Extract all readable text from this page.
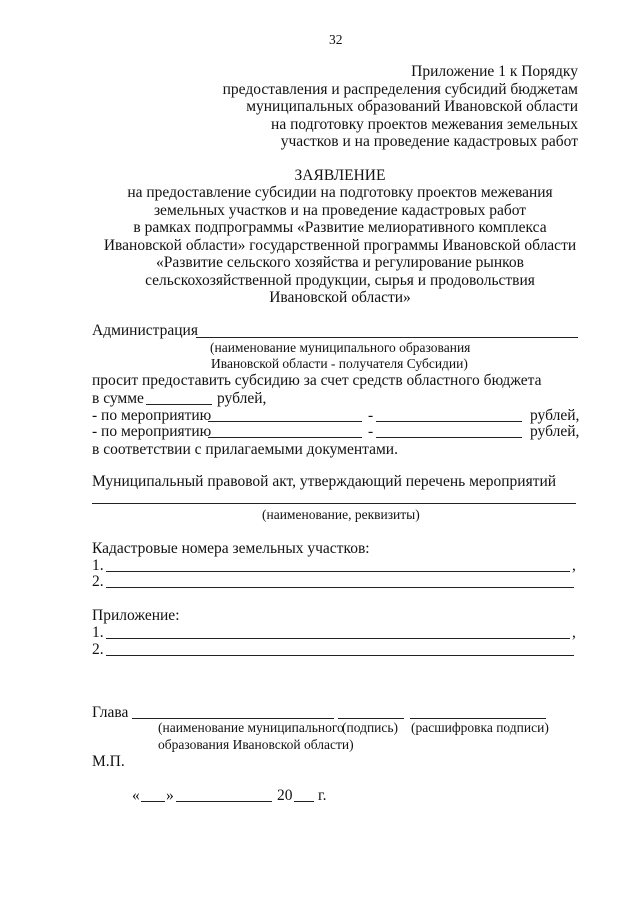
32
Приложение 1 к Порядку
предоставления и распределения субсидий бюджетам
муниципальных образований Ивановской области
на подготовку проектов межевания земельных
участков и на проведение кадастровых работ
ЗАЯВЛЕНИЕ
на предоставление субсидии на подготовку проектов межевания
земельных участков и на проведение кадастровых работ
в рамках подпрограммы «Развитие мелиоративного комплекса
Ивановской области» государственной программы Ивановской области
«Развитие сельского хозяйства и регулирование рынков
сельскохозяйственной продукции, сырья и продовольствия
Ивановской области»
Администрация
(наименование муниципального образования
Ивановской области - получателя Субсидии)
просит предоставить субсидию за счет средств областного бюджета
в сумме	рублей,
- по мероприятию	-	рублей,
- по мероприятию	-	рублей,
в соответствии с прилагаемыми документами.
Муниципальный правовой акт, утверждающий перечень мероприятий
(наименование, реквизиты)
Кадастровые номера земельных участков:
1.	,
2.
Приложение:
1.	,
2.
Глава
(наименование муниципального
(подпись) (расшифровка подписи)
образования Ивановской области)
М.П.
« »	20 г.
